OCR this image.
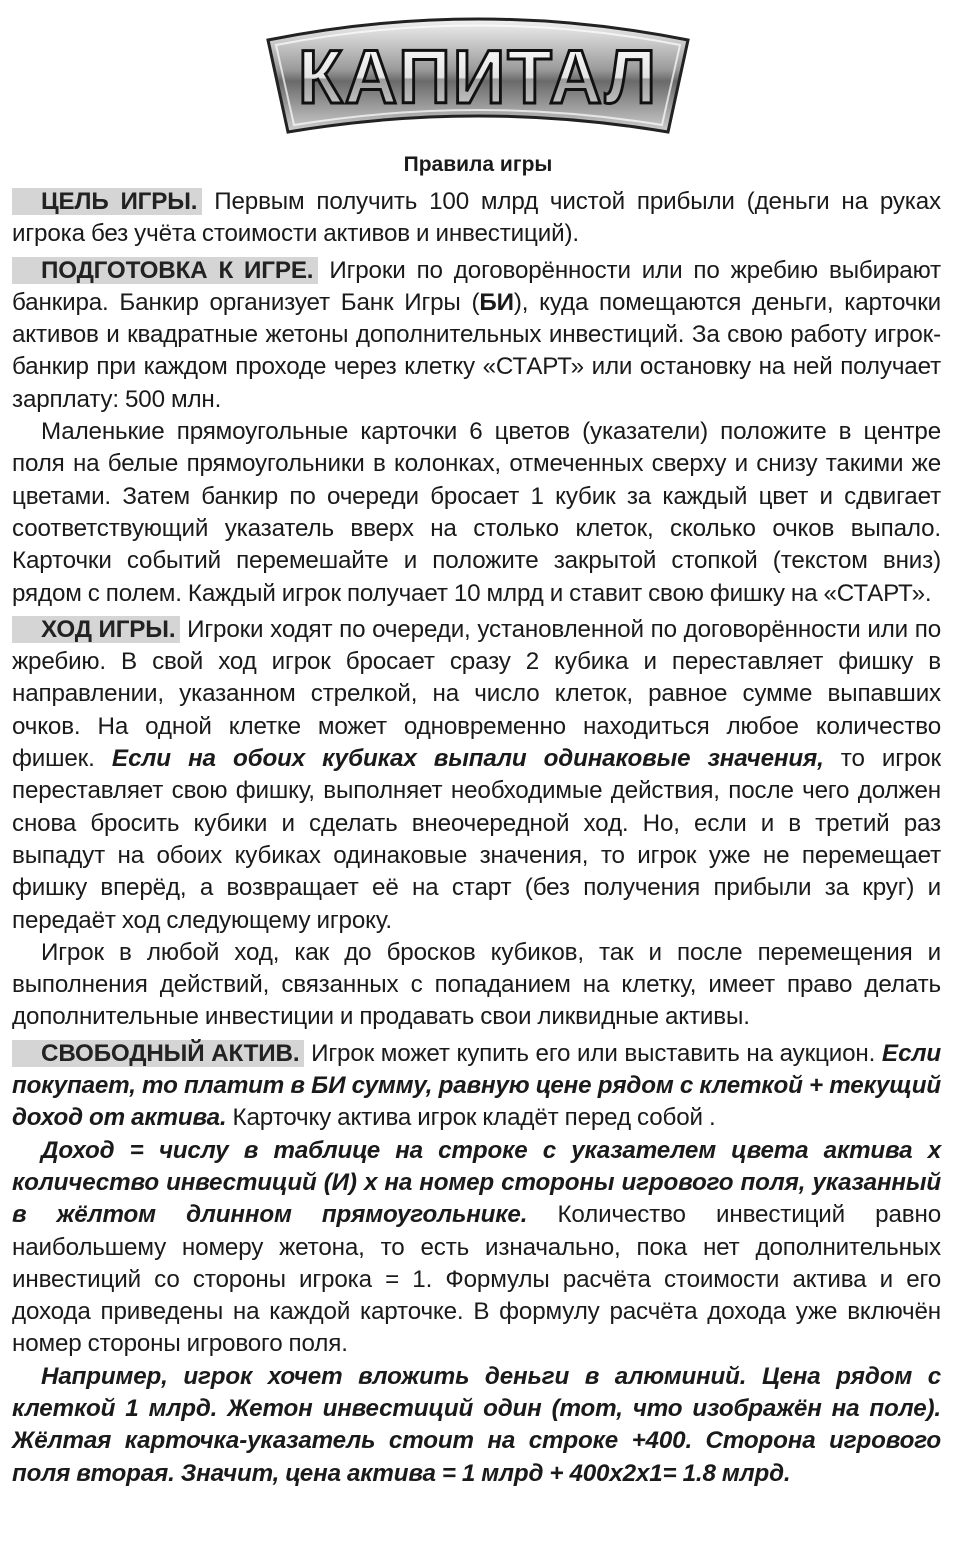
КАПИТАЛ
Правила игры

ЦЕЛЬ ИГРЫ. Первым получить 100 млрд чистой прибыли (деньги на руках игрока без учёта стоимости активов и инвестиций).

ПОДГОТОВКА К ИГРЕ. Игроки по договорённости или по жребию выбирают банкира. Банкир организует Банк Игры (БИ), куда помещаются деньги, карточки активов и квадратные жетоны дополнительных инвестиций. За свою работу игрок-банкир при каждом проходе через клетку «СТАРТ» или остановку на ней получает зарплату: 500 млн.

Маленькие прямоугольные карточки 6 цветов (указатели) положите в центре поля на белые прямоугольники в колонках, отмеченных сверху и снизу такими же цветами. Затем банкир по очереди бросает 1 кубик за каждый цвет и сдвигает соответствующий указатель вверх на столько клеток, сколько очков выпало. Карточки событий перемешайте и положите закрытой стопкой (текстом вниз) рядом с полем. Каждый игрок получает 10 млрд и ставит свою фишку на «СТАРТ».

ХОД ИГРЫ. Игроки ходят по очереди, установленной по договорённости или по жребию. В свой ход игрок бросает сразу 2 кубика и переставляет фишку в направлении, указанном стрелкой, на число клеток, равное сумме выпавших очков. На одной клетке может одновременно находиться любое количество фишек. Если на обоих кубиках выпали одинаковые значения, то игрок переставляет свою фишку, выполняет необходимые действия, после чего должен снова бросить кубики и сделать внеочередной ход. Но, если и в третий раз выпадут на обоих кубиках одинаковые значения, то игрок уже не перемещает фишку вперёд, а возвращает её на старт (без получения прибыли за круг) и передаёт ход следующему игроку.

Игрок в любой ход, как до бросков кубиков, так и после перемещения и выполнения действий, связанных с попаданием на клетку, имеет право делать дополнительные инвестиции и продавать свои ликвидные активы.

СВОБОДНЫЙ АКТИВ. Игрок может купить его или выставить на аукцион. Если покупает, то платит в БИ сумму, равную цене рядом с клеткой + текущий доход от актива. Карточку актива игрок кладёт перед собой .

Доход = числу в таблице на строке с указателем цвета актива х количество инвестиций (И) х на номер стороны игрового поля, указанный в жёлтом длинном прямоугольнике. Количество инвестиций равно наибольшему номеру жетона, то есть изначально, пока нет дополнительных инвестиций со стороны игрока = 1. Формулы расчёта стоимости актива и его дохода приведены на каждой карточке. В формулу расчёта дохода уже включён номер стороны игрового поля.

Например, игрок хочет вложить деньги в алюминий. Цена рядом с клеткой 1 млрд. Жетон инвестиций один (тот, что изображён на поле). Жёлтая карточка-указатель стоит на строке +400. Сторона игрового поля вторая. Значит, цена актива = 1 млрд + 400х2х1= 1.8 млрд.
